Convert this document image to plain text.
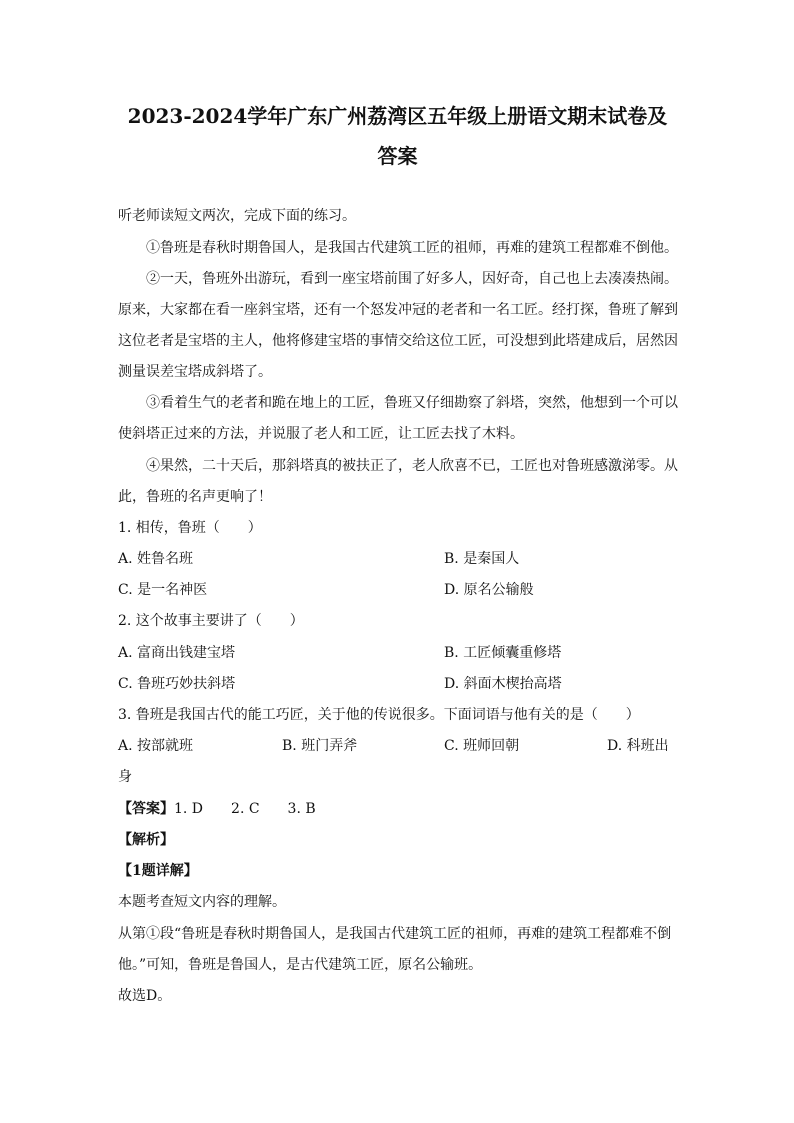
2023-2024学年广东广州荔湾区五年级上册语文期末试卷及
答案
听老师读短文两次，完成下面的练习。
①鲁班是春秋时期鲁国人，是我国古代建筑工匠的祖师，再难的建筑工程都难不倒他。
②一天，鲁班外出游玩，看到一座宝塔前围了好多人，因好奇，自己也上去凑凑热闹。
原来，大家都在看一座斜宝塔，还有一个怒发冲冠的老者和一名工匠。经打探，鲁班了解到
这位老者是宝塔的主人，他将修建宝塔的事情交给这位工匠，可没想到此塔建成后，居然因
测量误差宝塔成斜塔了。
③看着生气的老者和跪在地上的工匠，鲁班又仔细勘察了斜塔，突然，他想到一个可以
使斜塔正过来的方法，并说服了老人和工匠，让工匠去找了木料。
④果然，二十天后，那斜塔真的被扶正了，老人欣喜不已，工匠也对鲁班感激涕零。从
此，鲁班的名声更响了！
1. 相传，鲁班（　　）
A. 姓鲁名班	B. 是秦国人
C. 是一名神医	D. 原名公输般
2. 这个故事主要讲了（　　）
A. 富商出钱建宝塔	B. 工匠倾囊重修塔
C. 鲁班巧妙扶斜塔	D. 斜面木楔抬高塔
3. 鲁班是我国古代的能工巧匠，关于他的传说很多。下面词语与他有关的是（　　）
A. 按部就班	B. 班门弄斧	C. 班师回朝	D. 科班出
身
【答案】1. D　　2. C　　3. B
【解析】
【1题详解】
本题考查短文内容的理解。
从第①段“鲁班是春秋时期鲁国人，是我国古代建筑工匠的祖师，再难的建筑工程都难不倒
他。”可知，鲁班是鲁国人，是古代建筑工匠，原名公输班。
故选D。
